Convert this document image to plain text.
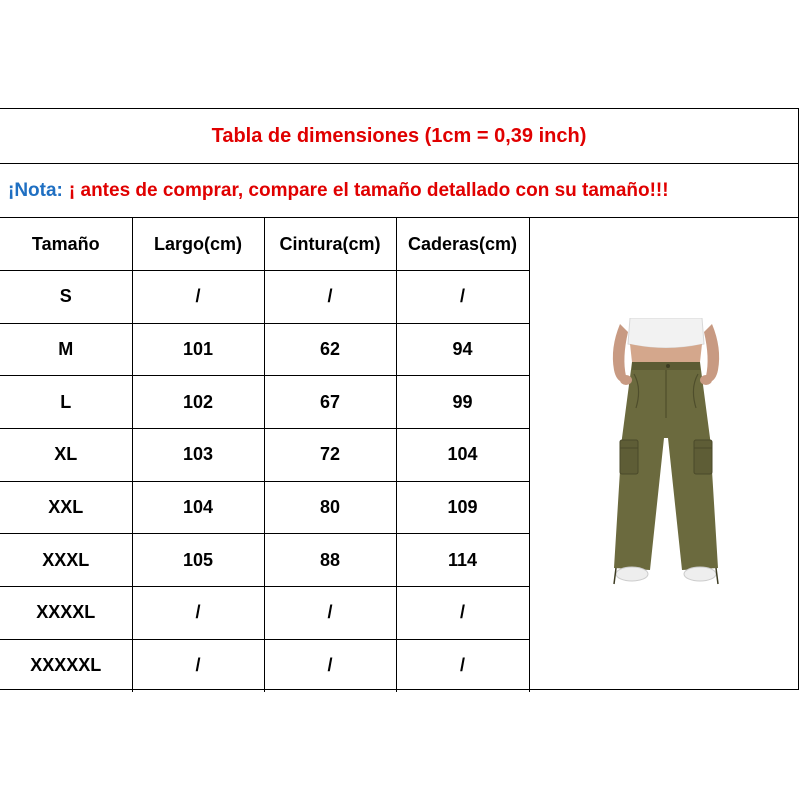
Tabla de dimensiones (1cm = 0,39 inch)
¡Nota: ¡ antes de comprar, compare el tamaño detallado con su tamaño!!!
Tamaño	Largo(cm)	Cintura(cm)	Caderas(cm)
S	/	/	/
M	101	62	94
L	102	67	99
XL	103	72	104
XXL	104	80	109
XXXL	105	88	114
XXXXL	/	/	/
XXXXXL	/	/	/
